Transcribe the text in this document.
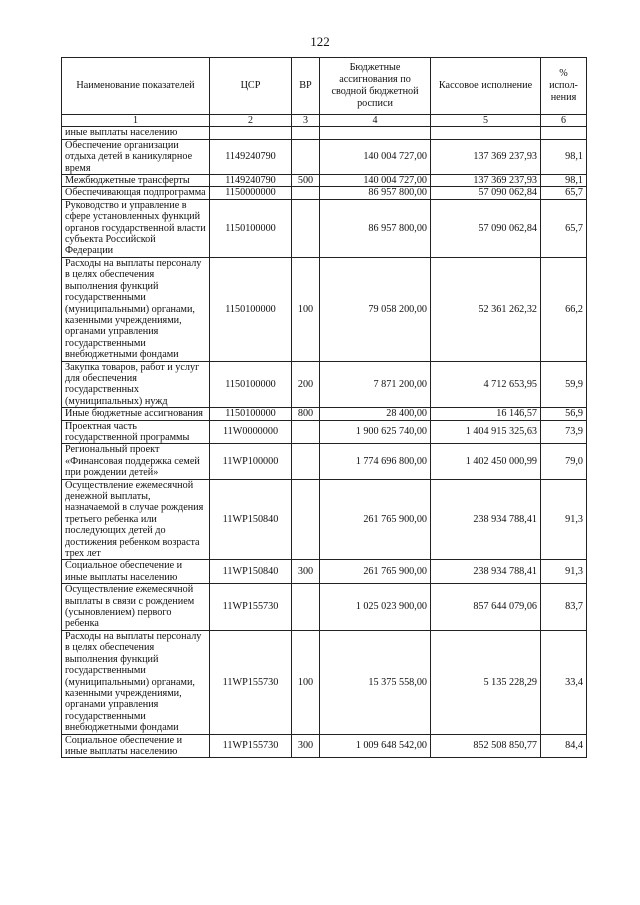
122
Наименование показателей	ЦСР	ВР	Бюджетные ассигнования по сводной бюджетной росписи	Кассовое исполнение	% испол-нения
1	2	3	4	5	6
иные выплаты населению					
Обеспечение организации отдыха детей в каникулярное время	1149240790		140 004 727,00	137 369 237,93	98,1
Межбюджетные трансферты	1149240790	500	140 004 727,00	137 369 237,93	98,1
Обеспечивающая подпрограмма	1150000000		86 957 800,00	57 090 062,84	65,7
Руководство и управление в сфере установленных функций органов государственной власти субъекта Российской Федерации	1150100000		86 957 800,00	57 090 062,84	65,7
Расходы на выплаты персоналу в целях обеспечения выполнения функций государственными (муниципальными) органами, казенными учреждениями, органами управления государственными внебюджетными фондами	1150100000	100	79 058 200,00	52 361 262,32	66,2
Закупка товаров, работ и услуг для обеспечения государственных (муниципальных) нужд	1150100000	200	7 871 200,00	4 712 653,95	59,9
Иные бюджетные ассигнования	1150100000	800	28 400,00	16 146,57	56,9
Проектная часть государственной программы	11W0000000		1 900 625 740,00	1 404 915 325,63	73,9
Региональный проект «Финансовая поддержка семей при рождении детей»	11WP100000		1 774 696 800,00	1 402 450 000,99	79,0
Осуществление ежемесячной денежной выплаты, назначаемой в случае рождения третьего ребенка или последующих детей до достижения ребенком возраста трех лет	11WP150840		261 765 900,00	238 934 788,41	91,3
Социальное обеспечение и иные выплаты населению	11WP150840	300	261 765 900,00	238 934 788,41	91,3
Осуществление ежемесячной выплаты в связи с рождением (усыновлением) первого ребенка	11WP155730		1 025 023 900,00	857 644 079,06	83,7
Расходы на выплаты персоналу в целях обеспечения выполнения функций государственными (муниципальными) органами, казенными учреждениями, органами управления государственными внебюджетными фондами	11WP155730	100	15 375 558,00	5 135 228,29	33,4
Социальное обеспечение и иные выплаты населению	11WP155730	300	1 009 648 542,00	852 508 850,77	84,4
